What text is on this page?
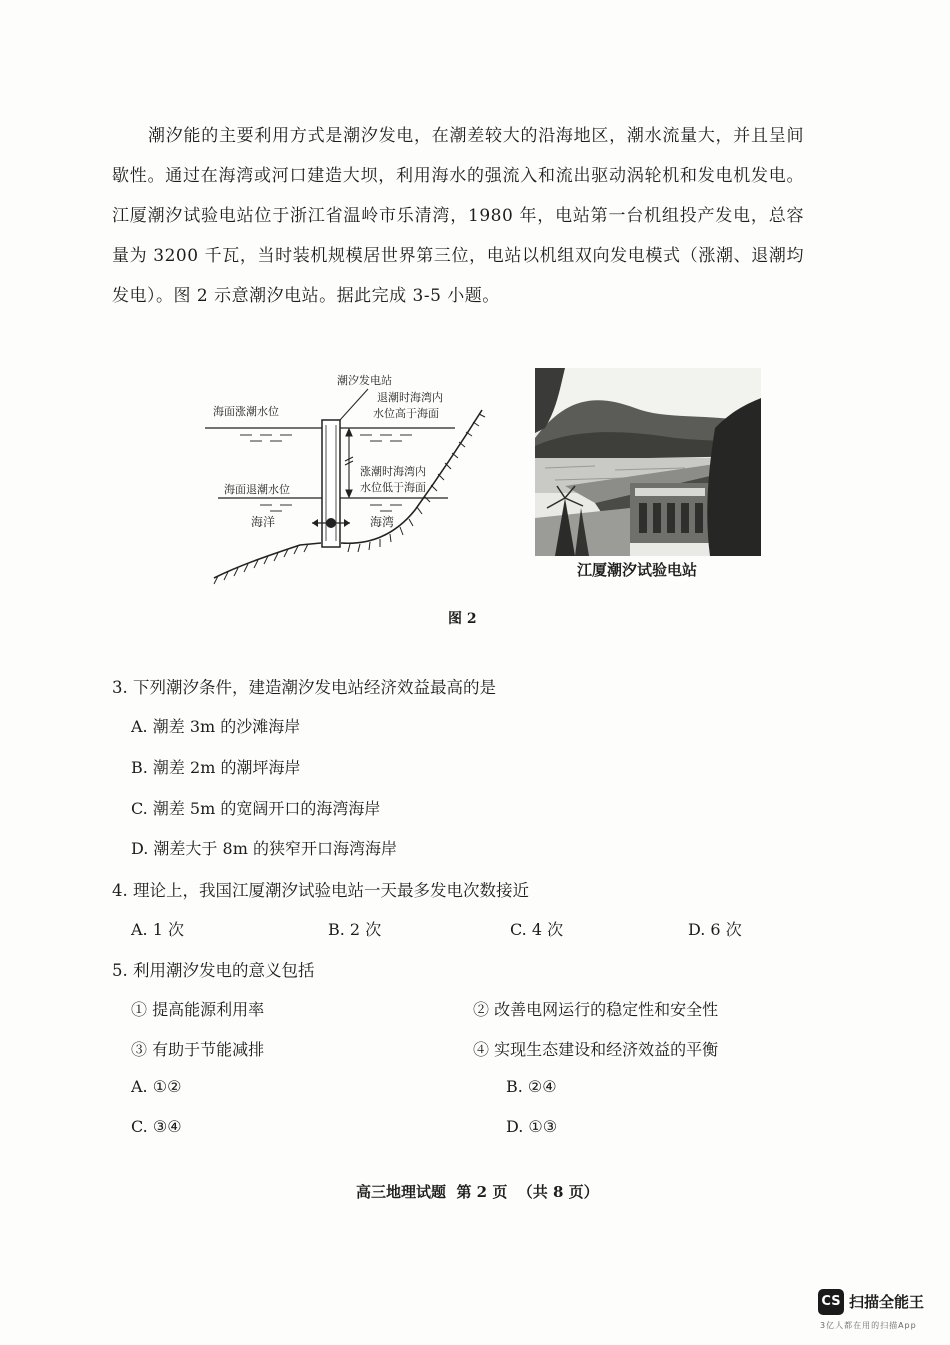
潮汐能的主要利用方式是潮汐发电，在潮差较大的沿海地区，潮水流量大，并且呈间歇性。通过在海湾或河口建造大坝，利用海水的强流入和流出驱动涡轮机和发电机发电。江厦潮汐试验电站位于浙江省温岭市乐清湾，1980 年，电站第一台机组投产发电，总容量为 3200 千瓦，当时装机规模居世界第三位，电站以机组双向发电模式（涨潮、退潮均发电）。图 2 示意潮汐电站。据此完成 3-5 小题。
潮汐发电站
海面涨潮水位
退潮时海湾内
水位高于海面
涨潮时海湾内
水位低于海面
海面退潮水位
海洋	海湾
江厦潮汐试验电站
图 2
3. 下列潮汐条件，建造潮汐发电站经济效益最高的是
A. 潮差 3m 的沙滩海岸
B. 潮差 2m 的潮坪海岸
C. 潮差 5m 的宽阔开口的海湾海岸
D. 潮差大于 8m 的狭窄开口海湾海岸
4. 理论上，我国江厦潮汐试验电站一天最多发电次数接近
A. 1 次	B. 2 次	C. 4 次	D. 6 次
5. 利用潮汐发电的意义包括
① 提高能源利用率	② 改善电网运行的稳定性和安全性
③ 有助于节能减排	④ 实现生态建设和经济效益的平衡
A. ①②	B. ②④
C. ③④	D. ①③
高三地理试题  第 2 页  （共 8 页）
CS 扫描全能王
3亿人都在用的扫描App
